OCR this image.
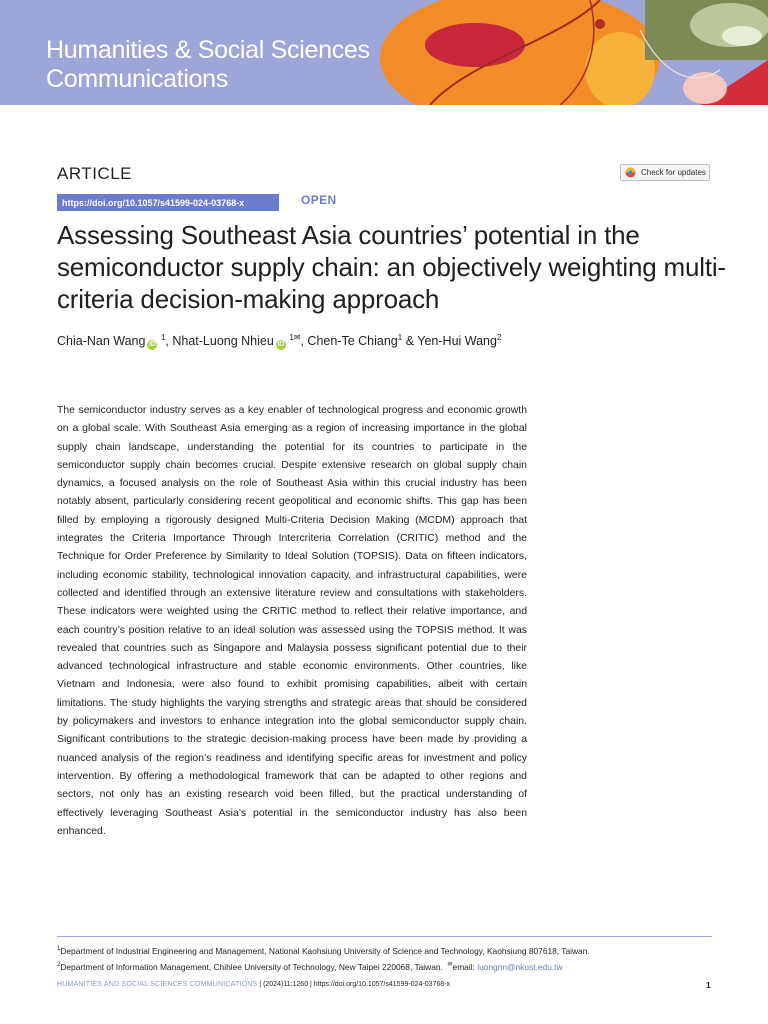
Humanities & Social Sciences
Communications
ARTICLE	Check for updates
https://doi.org/10.1057/s41599-024-03768-x	OPEN
Assessing Southeast Asia countries’ potential in the semiconductor supply chain: an objectively weighting multi-criteria decision-making approach
Chia-Nan Wang iD $^1$, Nhat-Luong Nhieu iD $^{1✉}$, Chen-Te Chiang$^1$ & Yen-Hui Wang$^2$

The semiconductor industry serves as a key enabler of technological progress and economic growth on a global scale. With Southeast Asia emerging as a region of increasing importance in the global supply chain landscape, understanding the potential for its countries to participate in the semiconductor supply chain becomes crucial. Despite extensive research on global supply chain dynamics, a focused analysis on the role of Southeast Asia within this crucial industry has been notably absent, particularly considering recent geopolitical and economic shifts. This gap has been filled by employing a rigorously designed Multi-Criteria Decision Making (MCDM) approach that integrates the Criteria Importance Through Intercriteria Correlation (CRITIC) method and the Technique for Order Preference by Similarity to Ideal Solution (TOPSIS). Data on fifteen indicators, including economic stability, technological innovation capacity, and infrastructural capabilities, were collected and identified through an extensive literature review and consultations with stakeholders. These indicators were weighted using the CRITIC method to reflect their relative importance, and each country’s position relative to an ideal solution was assessed using the TOPSIS method. It was revealed that countries such as Singapore and Malaysia possess significant potential due to their advanced technological infrastructure and stable economic environments. Other countries, like Vietnam and Indonesia, were also found to exhibit promising capabilities, albeit with certain limitations. The study highlights the varying strengths and strategic areas that should be considered by policymakers and investors to enhance integration into the global semiconductor supply chain. Significant contributions to the strategic decision-making process have been made by providing a nuanced analysis of the region’s readiness and identifying specific areas for investment and policy intervention. By offering a methodological framework that can be adapted to other regions and sectors, not only has an existing research void been filled, but the practical understanding of effectively leveraging Southeast Asia’s potential in the semiconductor industry has also been enhanced.

$^1$Department of Industrial Engineering and Management, National Kaohsiung University of Science and Technology, Kaohsiung 807618, Taiwan.
$^2$Department of Information Management, Chihlee University of Technology, New Taipei 220068, Taiwan. ✉email: luongnn@nkust.edu.tw
HUMANITIES AND SOCIAL SCIENCES COMMUNICATIONS | (2024)11:1260 | https://doi.org/10.1057/s41599-024-03768-x	1
